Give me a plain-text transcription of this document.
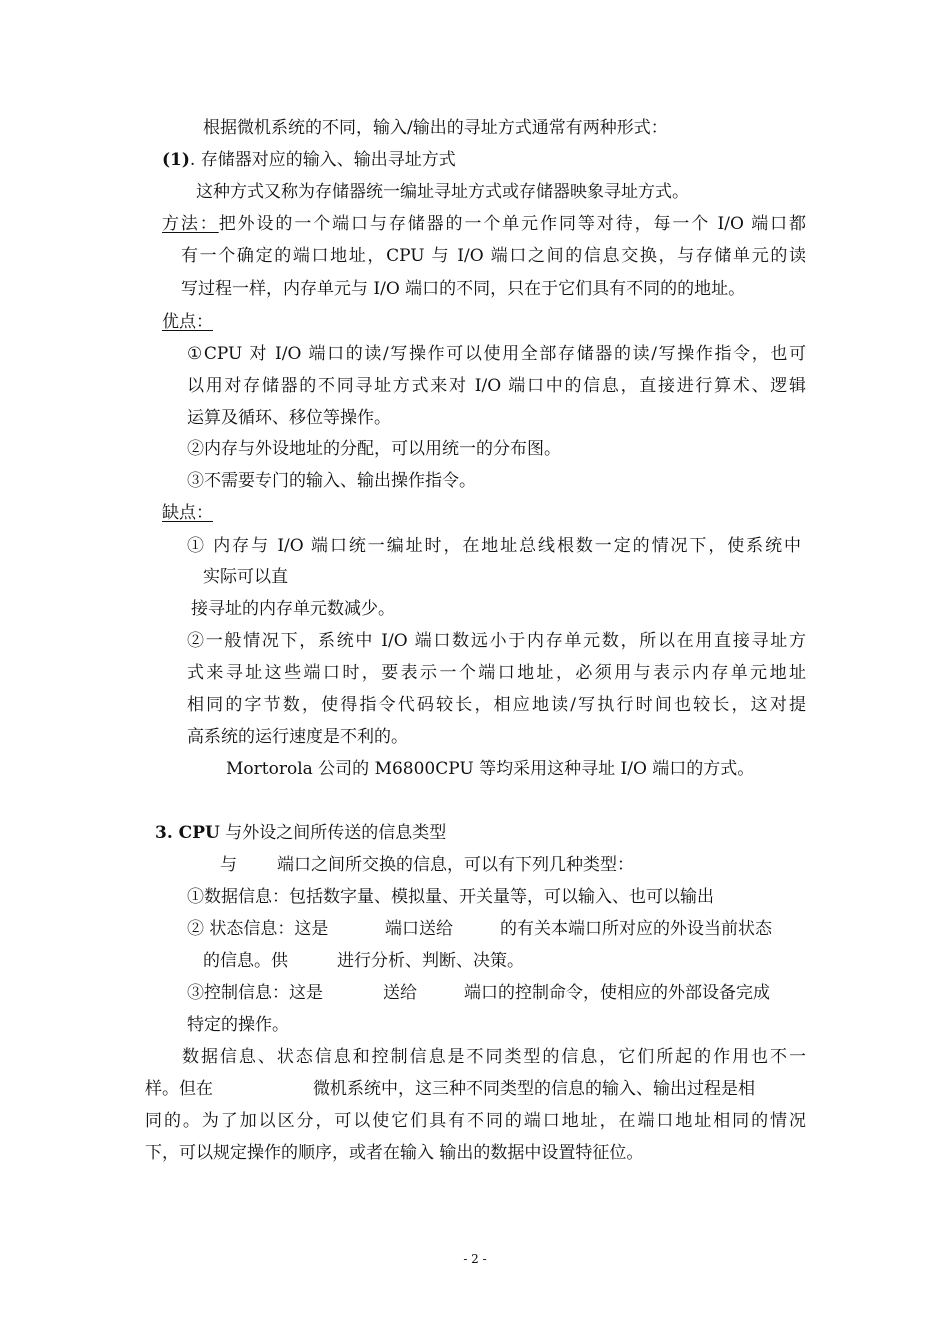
根据微机系统的不同，输入/输出的寻址方式通常有两种形式：
(1). 存储器对应的输入、输出寻址方式
这种方式又称为存储器统一编址寻址方式或存储器映象寻址方式。
方法：把外设的一个端口与存储器的一个单元作同等对待，每一个 I/O 端口都
有一个确定的端口地址，CPU 与 I/O 端口之间的信息交换，与存储单元的读
写过程一样，内存单元与 I/O 端口的不同，只在于它们具有不同的的地址。
优点：
①CPU 对 I/O 端口的读/写操作可以使用全部存储器的读/写操作指令，也可
以用对存储器的不同寻址方式来对 I/O 端口中的信息，直接进行算术、逻辑
运算及循环、移位等操作。
②内存与外设地址的分配，可以用统一的分布图。
③不需要专门的输入、输出操作指令。
缺点：
① 内存与 I/O 端口统一编址时，在地址总线根数一定的情况下，使系统中
实际可以直
接寻址的内存单元数减少。
②一般情况下，系统中 I/O 端口数远小于内存单元数，所以在用直接寻址方
式来寻址这些端口时，要表示一个端口地址，必须用与表示内存单元地址
相同的字节数，使得指令代码较长，相应地读/写执行时间也较长，这对提
高系统的运行速度是不利的。
Mortorola 公司的 M6800CPU 等均采用这种寻址 I/O 端口的方式。
3. CPU 与外设之间所传送的信息类型
与 端口之间所交换的信息，可以有下列几种类型：
①数据信息：包括数字量、模拟量、开关量等，可以输入、也可以输出
② 状态信息：这是	端口送给	的有关本端口所对应的外设当前状态
的信息。供	进行分析、判断、决策。
③控制信息：这是	送给	端口的控制命令，使相应的外部设备完成
特定的操作。
数据信息、状态信息和控制信息是不同类型的信息，它们所起的作用也不一
样。但在	微机系统中，这三种不同类型的信息的输入、输出过程是相
同的。为了加以区分，可以使它们具有不同的端口地址，在端口地址相同的情况
下，可以规定操作的顺序，或者在输入 输出的数据中设置特征位。
- 2 -
